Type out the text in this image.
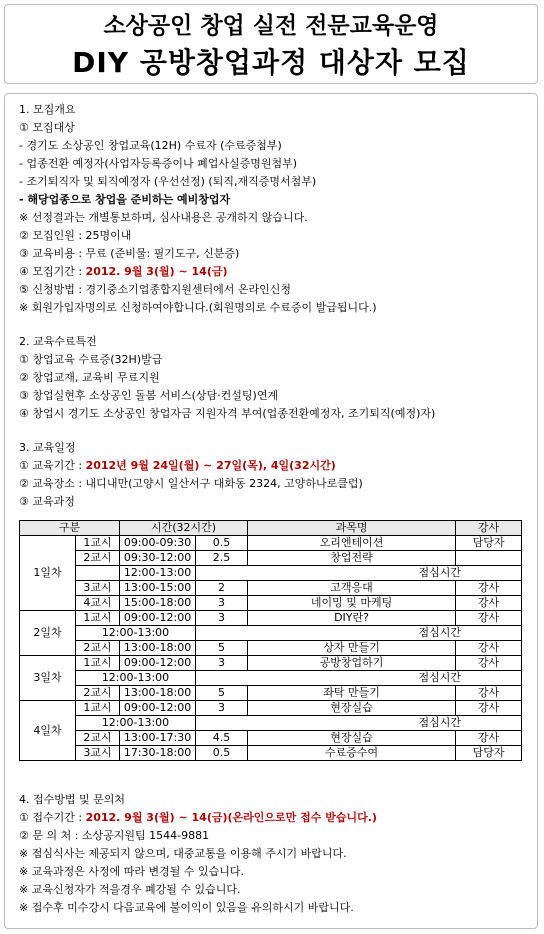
소상공인 창업 실전 전문교육운영
DIY 공방창업과정 대상자 모집
1. 모집개요
① 모집대상
- 경기도 소상공인 창업교육(12H) 수료자 (수료증첨부)
- 업종전환 예정자(사업자등록증이나 폐업사실증명원첨부)
- 조기퇴직자 및 퇴직예정자 (우선선정) (퇴직,재직증명서첨부)
- 해당업종으로 창업을 준비하는 예비창업자
※ 선정결과는 개별통보하며, 심사내용은 공개하지 않습니다.
② 모집인원 : 25명이내
③ 교육비용 : 무료 (준비물: 필기도구, 신분증)
④ 모집기간 : 2012. 9월 3(월) ~ 14(금)
⑤ 신청방법 : 경기중소기업종합지원센터에서 온라인신청
※ 회원가입자명의로 신청하여야합니다.(회원명의로 수료증이 발급됩니다.)
2. 교육수료특전
① 창업교육 수료증(32H)발급
② 창업교재, 교육비 무료지원
③ 창업실현후 소상공인 돌봄 서비스(상담·컨설팅)연계
④ 창업시 경기도 소상공인 창업자금 지원자격 부여(업종전환예정자, 조기퇴직(예정)자)
3. 교육일정
① 교육기간 : 2012년 9월 24일(월) ~ 27일(목), 4일(32시간)
② 교육장소 : 내디내만(고양시 일산서구 대화동 2324, 고양하나로클럽)
③ 교육과정
4. 접수방법 및 문의처
① 접수기간 : 2012. 9월 3(월) ~ 14(금)(온라인으로만 접수 받습니다.)
② 문 의 처 : 소상공지원팀 1544-9881
※ 점심식사는 제공되지 않으며, 대중교통을 이용해 주시기 바랍니다.
※ 교육과정은 사정에 따라 변경될 수 있습니다.
※ 교육신청자가 적을경우 폐강될 수 있습니다.
※ 접수후 미수강시 다음교육에 불이익이 있음을 유의하시기 바랍니다.
구분		시간(32시간)		과목명	강사
1일차	1교시	09:00-09:30	0.5	오리엔테이션	담당자
	2교시	09:30-12:00	2.5	창업전략	
		12:00-13:00	점심시간		
	3교시	13:00-15:00	2	고객응대	강사
	4교시	15:00-18:00	3	네이밍 및 마케팅	강사
2일차	1교시	09:00-12:00	3	DIY란?	강사
	12:00-13:00		점심시간		
	2교시	13:00-18:00	5	상자 만들기	강사
3일차	1교시	09:00-12:00	3	공방창업하기	강사
	12:00-13:00		점심시간		
	2교시	13:00-18:00	5	좌탁 만들기	강사
4일차	1교시	09:00-12:00	3	현장실습	강사
	12:00-13:00		점심시간		
	2교시	13:00-17:30	4.5	현장실습	강사
	3교시	17:30-18:00	0.5	수료증수여	담당자
